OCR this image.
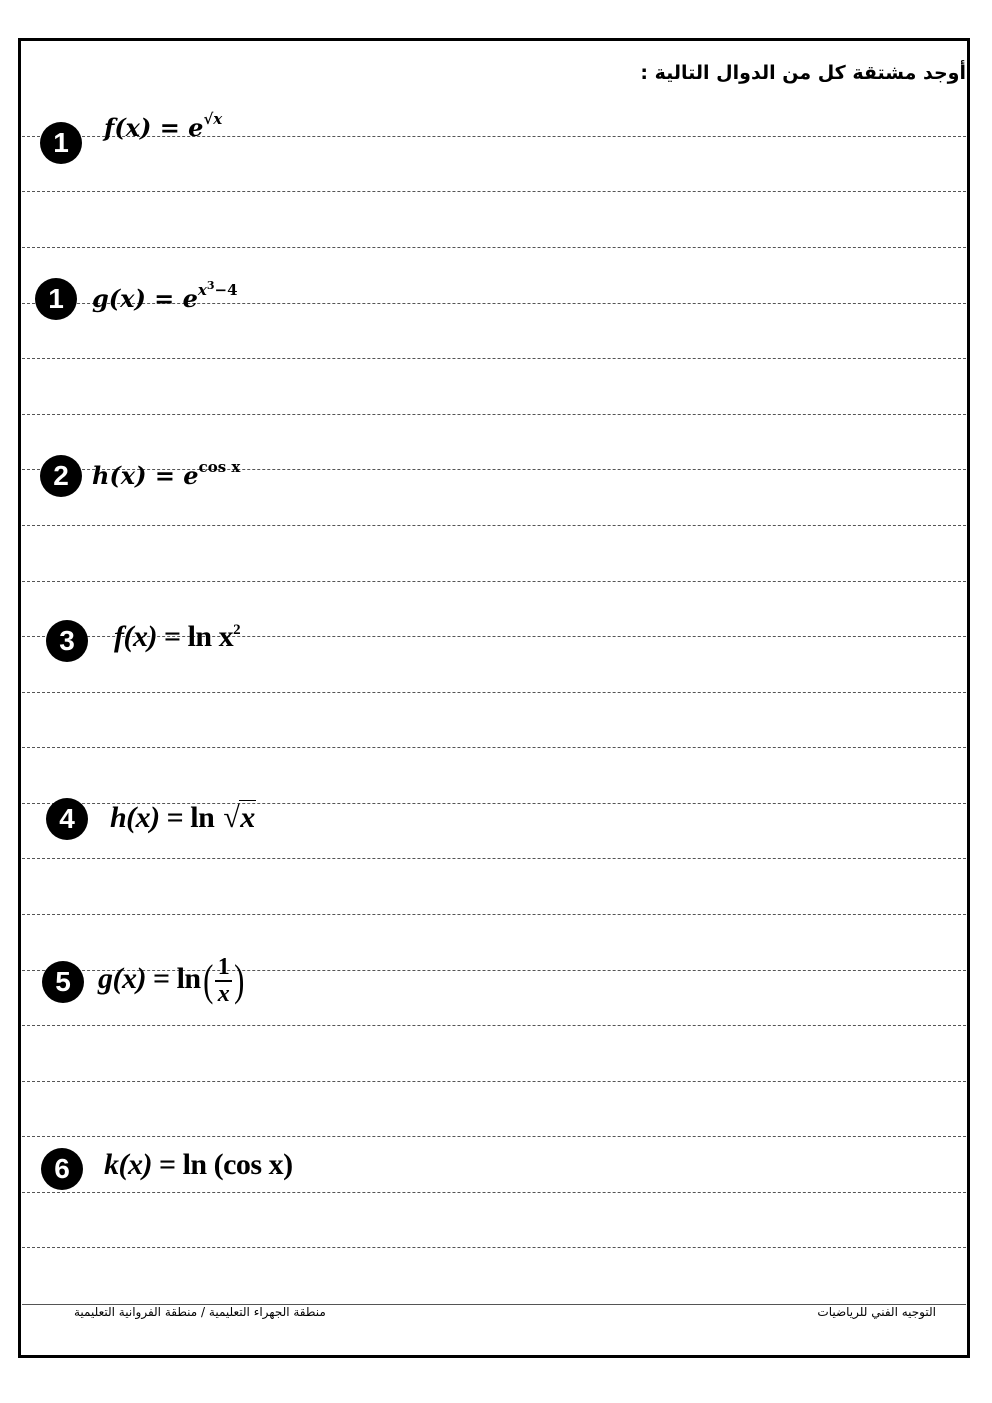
أوجد مشتقة كل من الدوال التالية :
1	$f(x) = e^{√x}$
1	$g(x) = e^{x^3-4}$
2 $h(x) = e^{cos x}$
3	$f(x) = \ln x^2$
4	h(x) = ln √x
5 $g(x) = \ln( \frac{1}{x}$ )
6	k(x) = ln (cos x)
منطقة الجهراء التعليمية / منطقة الفروانية التعليمية	التوجيه الفني للرياضيات
